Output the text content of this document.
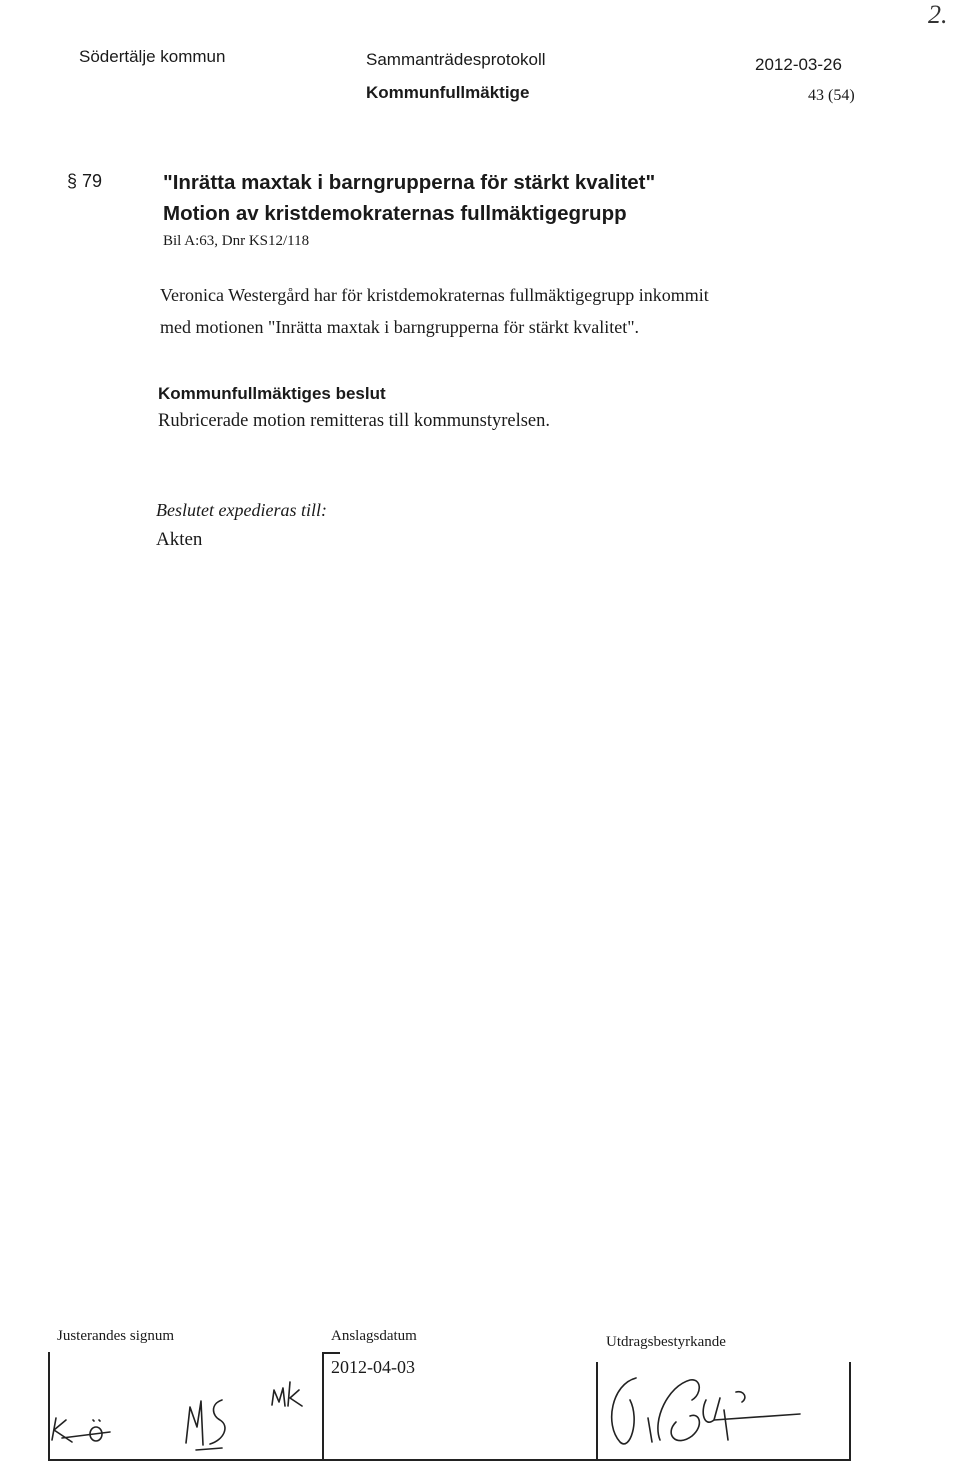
2.
Södertälje kommun	Sammanträdesprotokoll	2012-03-26
Kommunfullmäktige	43 (54)
§ 79	"Inrätta maxtak i barngrupperna för stärkt kvalitet"
Motion av kristdemokraternas fullmäktigegrupp
Bil A:63, Dnr KS12/118
Veronica Westergård har för kristdemokraternas fullmäktigegrupp inkommit
med motionen "Inrätta maxtak i barngrupperna för stärkt kvalitet".
Kommunfullmäktiges beslut
Rubricerade motion remitteras till kommunstyrelsen.
Beslutet expedieras till:
Akten
Justerandes signum	Anslagsdatum	Utdragsbestyrkande
2012-04-03
